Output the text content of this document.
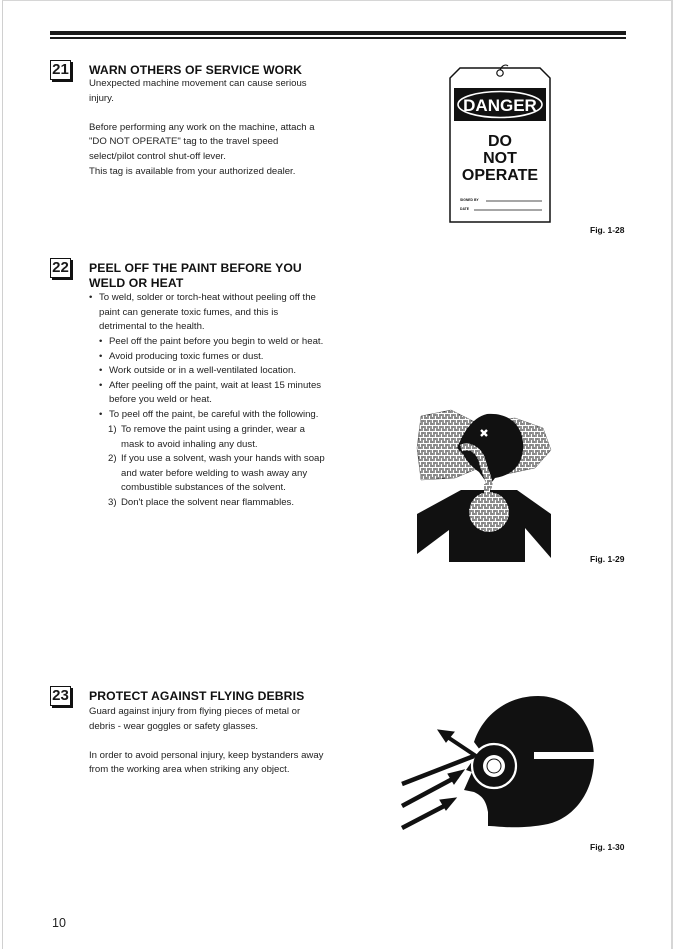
21 WARN OTHERS OF SERVICE WORK
Unexpected machine movement can cause serious
injury.
Before performing any work on the machine, attach a
"DO NOT OPERATE" tag to the travel speed
select/pilot control shut-off lever.
This tag is available from your authorized dealer.
DANGER
DO
NOT
OPERATE
SIGNED BY
DATE
Fig. 1-28
22 PEEL OFF THE PAINT BEFORE YOU
WELD OR HEAT
• To weld, solder or torch-heat without peeling off the
paint can generate toxic fumes, and this is
detrimental to the health.
• Peel off the paint before you begin to weld or heat.
• Avoid producing toxic fumes or dust.
• Work outside or in a well-ventilated location.
• After peeling off the paint, wait at least 15 minutes
before you weld or heat.
• To peel off the paint, be careful with the following.
1) To remove the paint using a grinder, wear a
mask to avoid inhaling any dust.
2) If you use a solvent, wash your hands with soap
and water before welding to wash away any
combustible substances of the solvent.
3) Don't place the solvent near flammables.
Fig. 1-29
23 PROTECT AGAINST FLYING DEBRIS
Guard against injury from flying pieces of metal or
debris - wear goggles or safety glasses.
In order to avoid personal injury, keep bystanders away
from the working area when striking any object.
Fig. 1-30
10
